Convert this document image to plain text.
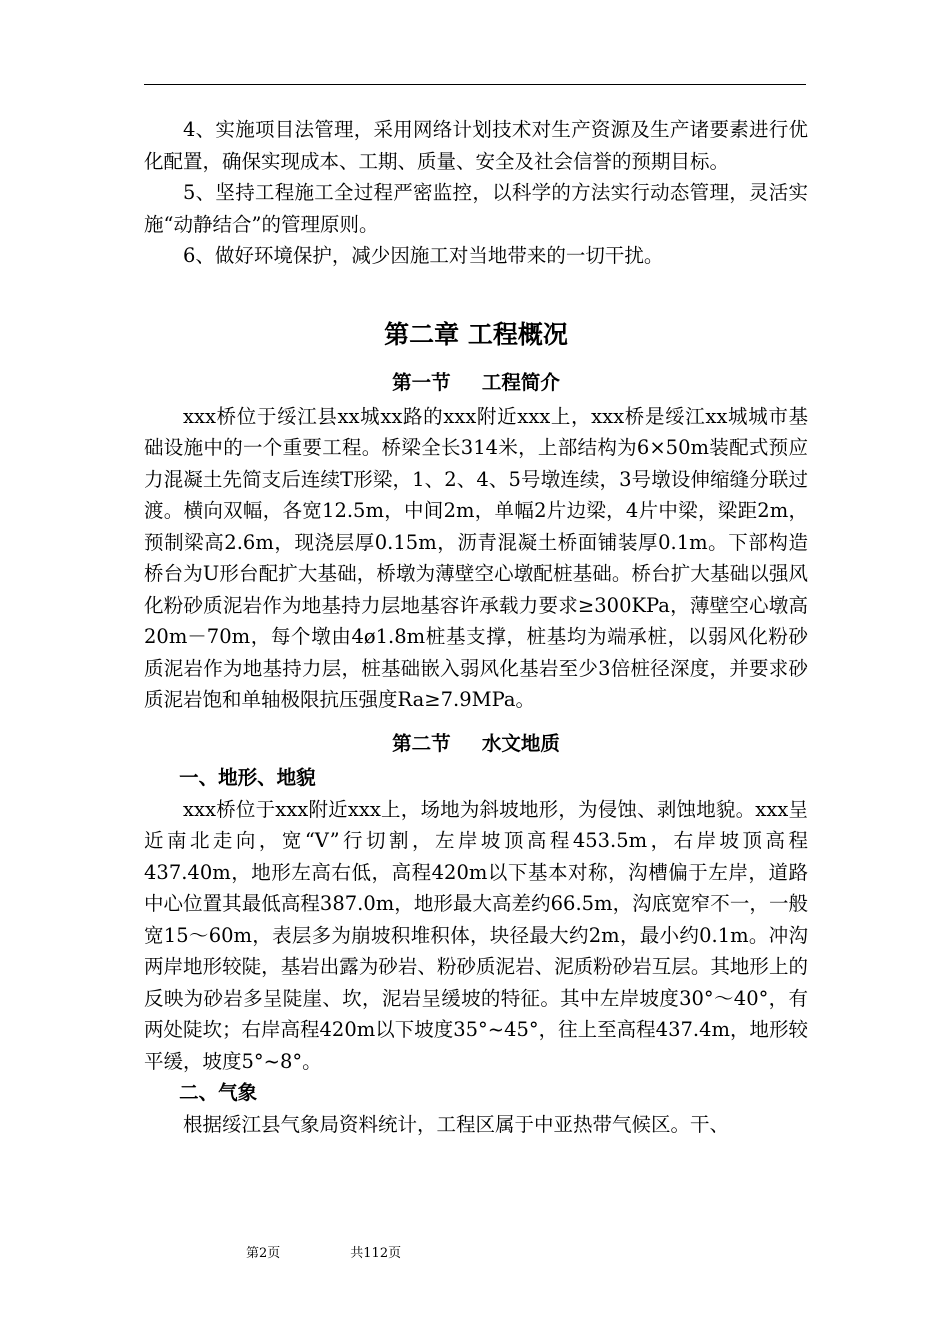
4、实施项目法管理，采用网络计划技术对生产资源及生产诸要素进行优化配置，确保实现成本、工期、质量、安全及社会信誉的预期目标。

5、坚持工程施工全过程严密监控，以科学的方法实行动态管理，灵活实施“动静结合”的管理原则。

6、做好环境保护，减少因施工对当地带来的一切干扰。

第二章 工程概况
第一节 工程简介

xxx桥位于绥江县xx城xx路的xxx附近xxx上，xxx桥是绥江xx城城市基础设施中的一个重要工程。桥梁全长314米，上部结构为6×50m装配式预应力混凝土先简支后连续T形梁，1、2、4、5号墩连续，3号墩设伸缩缝分联过渡。横向双幅，各宽12.5m，中间2m，单幅2片边梁，4片中梁，梁距2m，预制梁高2.6m，现浇层厚0.15m，沥青混凝土桥面铺装厚0.1m。下部构造桥台为U形台配扩大基础，桥墩为薄壁空心墩配桩基础。桥台扩大基础以强风化粉砂质泥岩作为地基持力层地基容许承载力要求≥300KPa，薄壁空心墩高20m－70m，每个墩由4ø1.8m桩基支撑，桩基均为端承桩，以弱风化粉砂质泥岩作为地基持力层，桩基础嵌入弱风化基岩至少3倍桩径深度，并要求砂质泥岩饱和单轴极限抗压强度Ra≥7.9MPa。

第二节 水文地质
一、地形、地貌

xxx桥位于xxx附近xxx上，场地为斜坡地形，为侵蚀、剥蚀地貌。xxx呈近南北走向，宽“V”行切割，左岸坡顶高程453.5m，右岸坡顶高程437.40m，地形左高右低，高程420m以下基本对称，沟槽偏于左岸，道路中心位置其最低高程387.0m，地形最大高差约66.5m，沟底宽窄不一，一般宽15～60m，表层多为崩坡积堆积体，块径最大约2m，最小约0.1m。冲沟两岸地形较陡，基岩出露为砂岩、粉砂质泥岩、泥质粉砂岩互层。其地形上的反映为砂岩多呈陡崖、坎，泥岩呈缓坡的特征。其中左岸坡度30°～40°，有两处陡坎；右岸高程420m以下坡度35°~45°，往上至高程437.4m，地形较平缓，坡度5°~8°。

二、气象

根据绥江县气象局资料统计，工程区属于中亚热带气候区。干、

第2页	共112页
